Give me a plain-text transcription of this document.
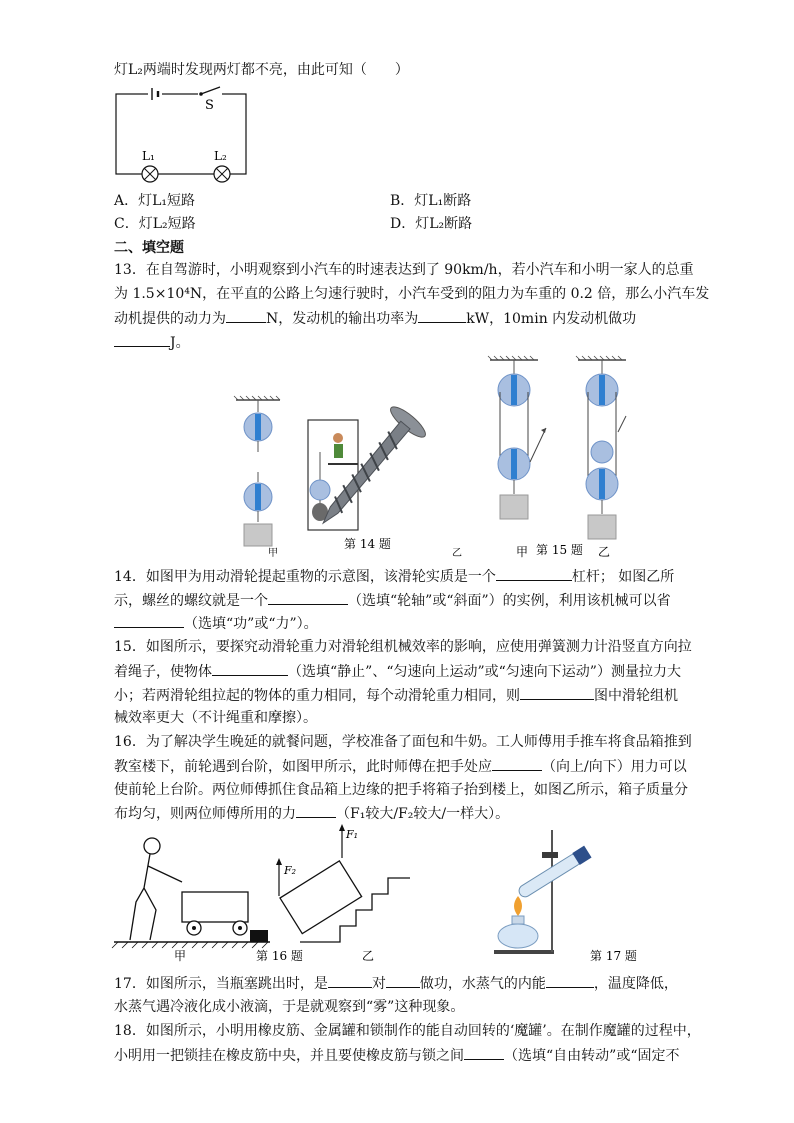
灯L₂两端时发现两灯都不亮，由此可知（　　）
S
L₁	L₂
A．灯L₁短路	B．灯L₁断路
C．灯L₂短路	D．灯L₂断路
二、填空题
13．在自驾游时，小明观察到小汽车的时速表达到了 90km/h，若小汽车和小明一家人的总重
为 1.5×10⁴N，在平直的公路上匀速行驶时，小汽车受到的阻力为车重的 0.2 倍，那么小汽车发
动机提供的动力为	N，发动机的输出功率为	kW，10min 内发动机做功
J。
甲
第 14 题
乙	甲 第 15 题 乙
14．如图甲为用动滑轮提起重物的示意图，该滑轮实质是一个	杠杆； 如图乙所
示，螺丝的螺纹就是一个	（选填“轮轴”或“斜面”）的实例，利用该机械可以省
（选填“功”或“力”）。
15．如图所示，要探究动滑轮重力对滑轮组机械效率的影响，应使用弹簧测力计沿竖直方向拉
着绳子，使物体	（选填“静止”、“匀速向上运动”或“匀速向下运动”）测量拉力大
小；若两滑轮组拉起的物体的重力相同，每个动滑轮重力相同，则	图中滑轮组机
械效率更大（不计绳重和摩擦）。
16．为了解决学生晚延的就餐问题，学校准备了面包和牛奶。工人师傅用手推车将食品箱推到
教室楼下，前轮遇到台阶，如图甲所示，此时师傅在把手处应	（向上/向下）用力可以
使前轮上台阶。两位师傅抓住食品箱上边缘的把手将箱子抬到楼上，如图乙所示，箱子质量分
布均匀，则两位师傅所用的力	（F₁较大/F₂较大/一样大）。
甲	第 16 题
F₂
F₁
乙	第 17 题
17．如图所示，当瓶塞跳出时，是	对 做功，水蒸气的内能	，温度降低，
水蒸气遇冷液化成小液滴，于是就观察到“雾”这种现象。
18．如图所示，小明用橡皮筋、金属罐和锁制作的能自动回转的‘魔罐’。在制作魔罐的过程中，
小明用一把锁挂在橡皮筋中央，并且要使橡皮筋与锁之间	（选填“自由转动”或“固定不
